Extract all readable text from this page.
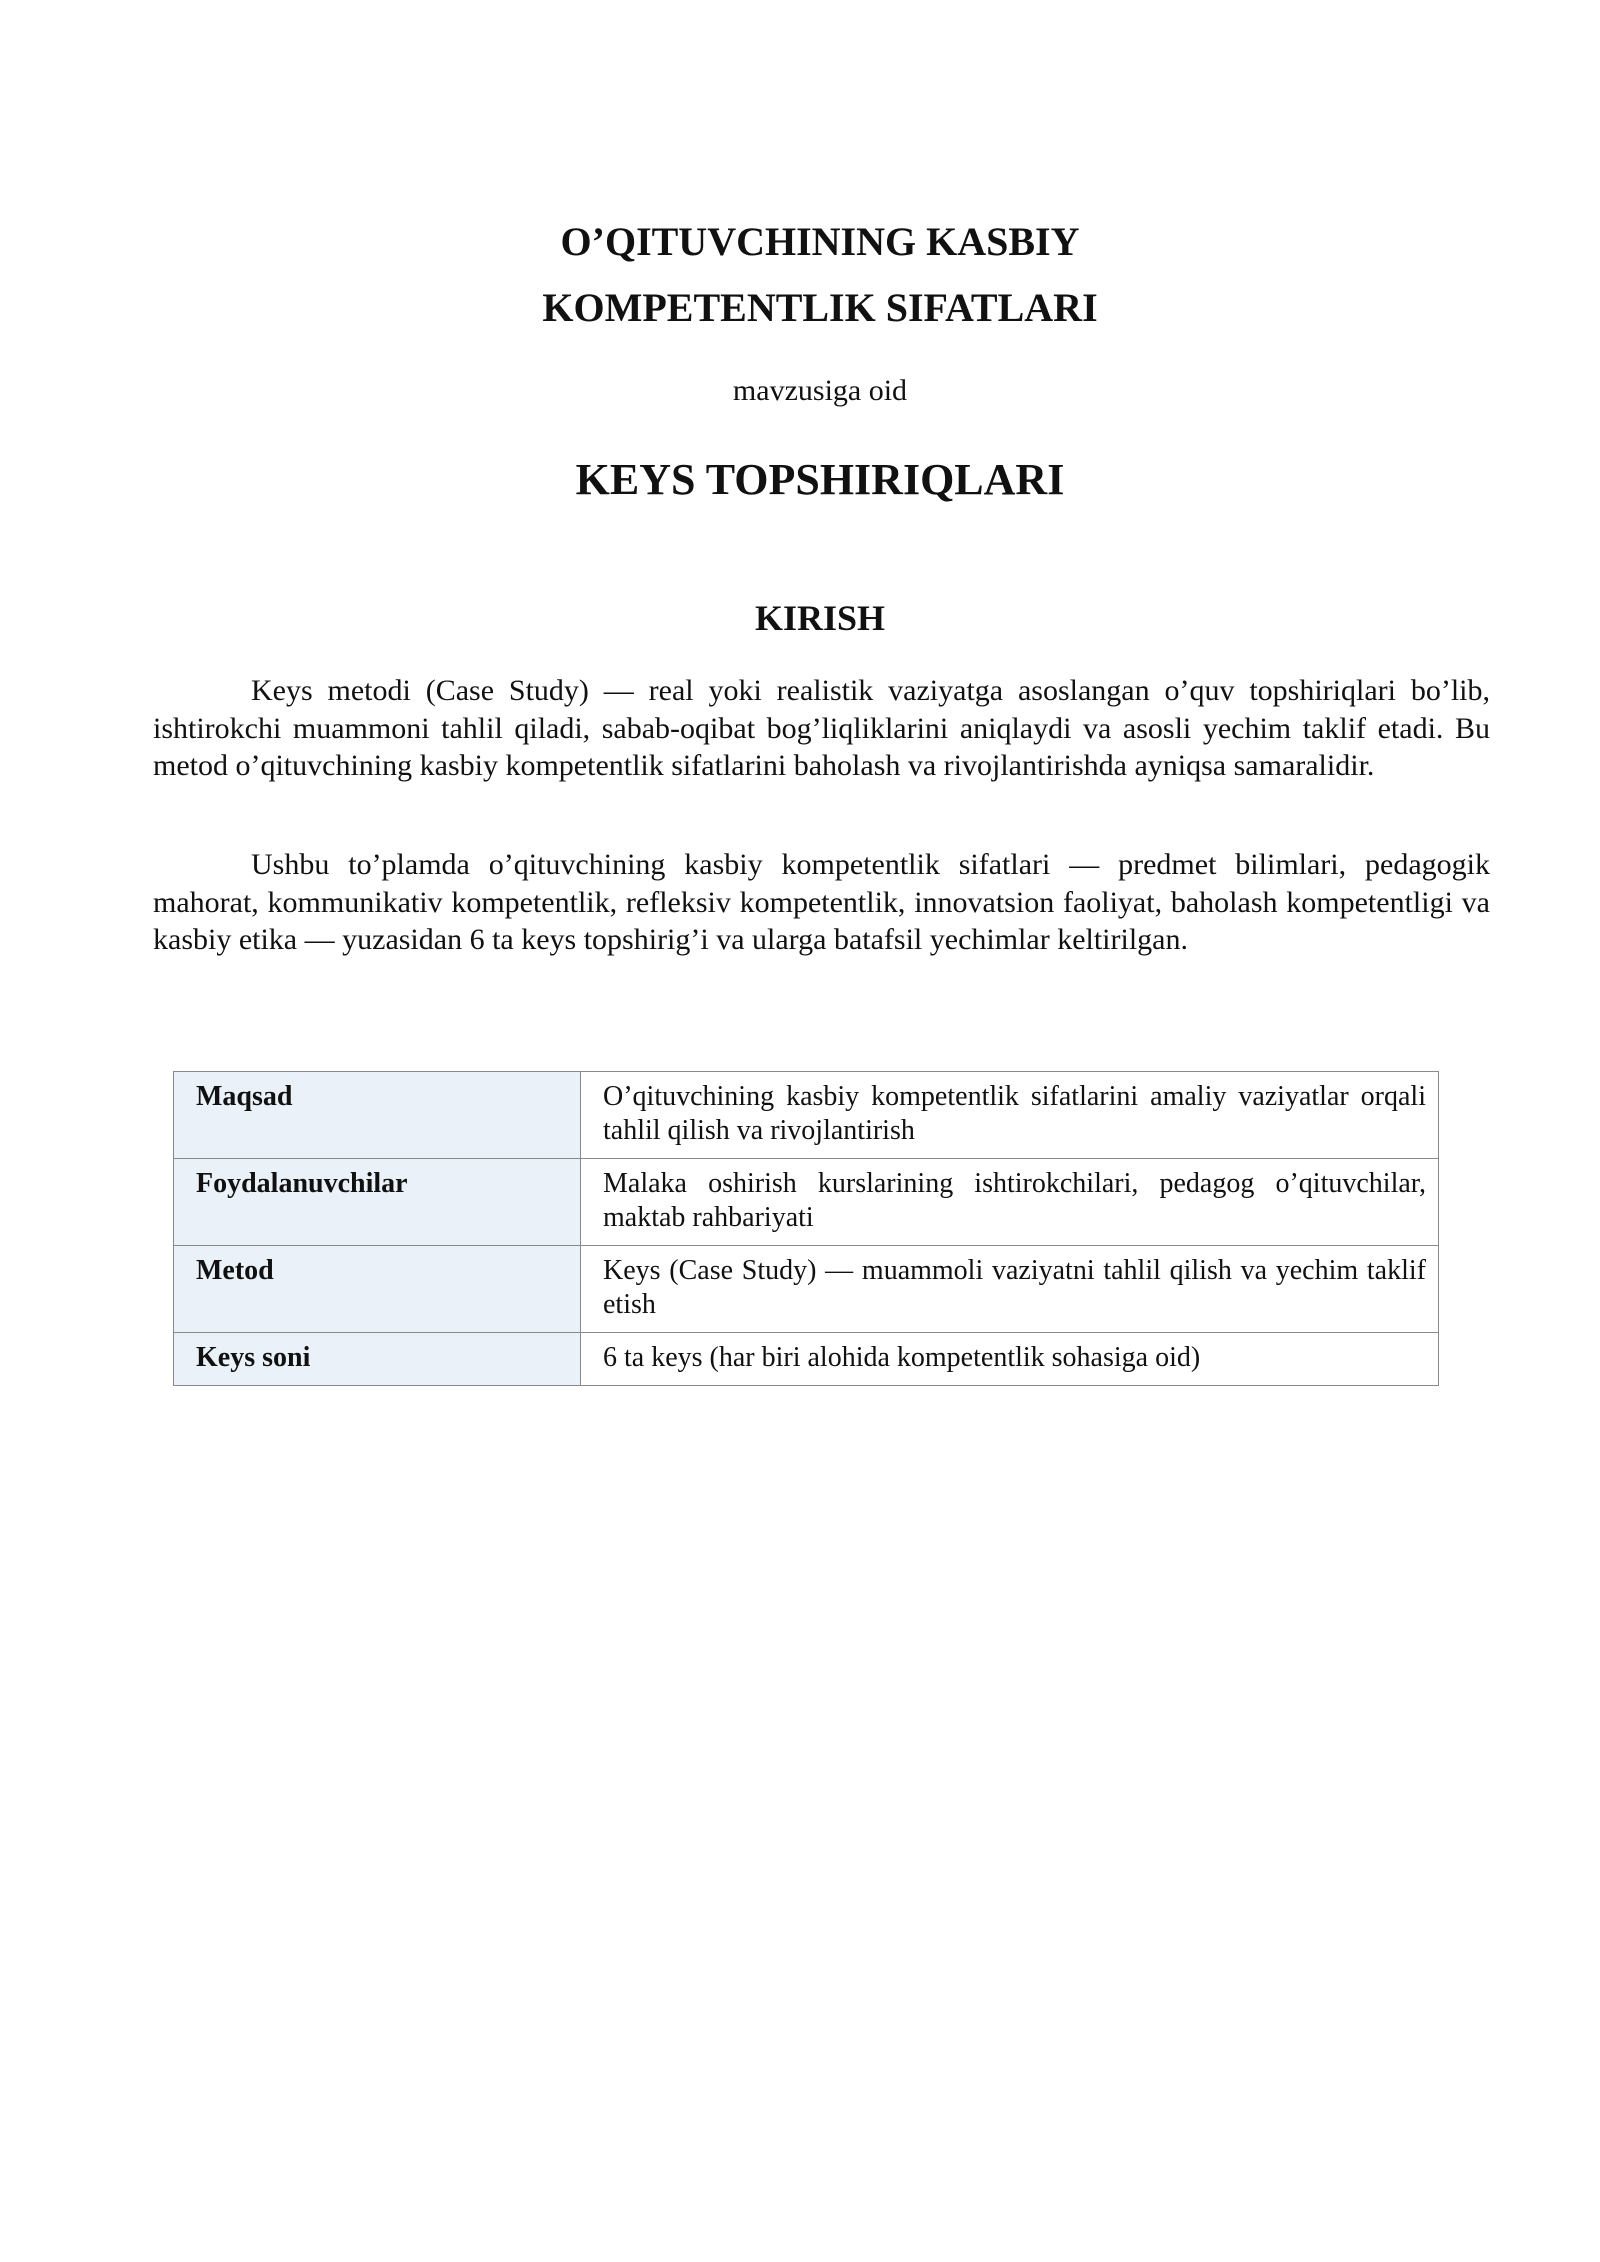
O’QITUVCHINING KASBIY
KOMPETENTLIK SIFATLARI

mavzusiga oid

KEYS TOPSHIRIQLARI
KIRISH

Keys metodi (Case Study) — real yoki realistik vaziyatga asoslangan o’quv topshiriqlari bo’lib, ishtirokchi muammoni tahlil qiladi, sabab-oqibat bog’liqliklarini aniqlaydi va asosli yechim taklif etadi. Bu metod o’qituvchining kasbiy kompetentlik sifatlarini baholash va rivojlantirishda ayniqsa samaralidir.

Ushbu to’plamda o’qituvchining kasbiy kompetentlik sifatlari — predmet bilimlari, pedagogik mahorat, kommunikativ kompetentlik, refleksiv kompetentlik, innovatsion faoliyat, baholash kompetentligi va kasbiy etika — yuzasidan 6 ta keys topshirig’i va ularga batafsil yechimlar keltirilgan.

Maqsad	O’qituvchining kasbiy kompetentlik sifatlarini amaliy vaziyatlar orqali tahlil qilish va rivojlantirish
Foydalanuvchilar	Malaka oshirish kurslarining ishtirokchilari, pedagog o’qituvchilar, maktab rahbariyati
Metod	Keys (Case Study) — muammoli vaziyatni tahlil qilish va yechim taklif etish
Keys soni	6 ta keys (har biri alohida kompetentlik sohasiga oid)
